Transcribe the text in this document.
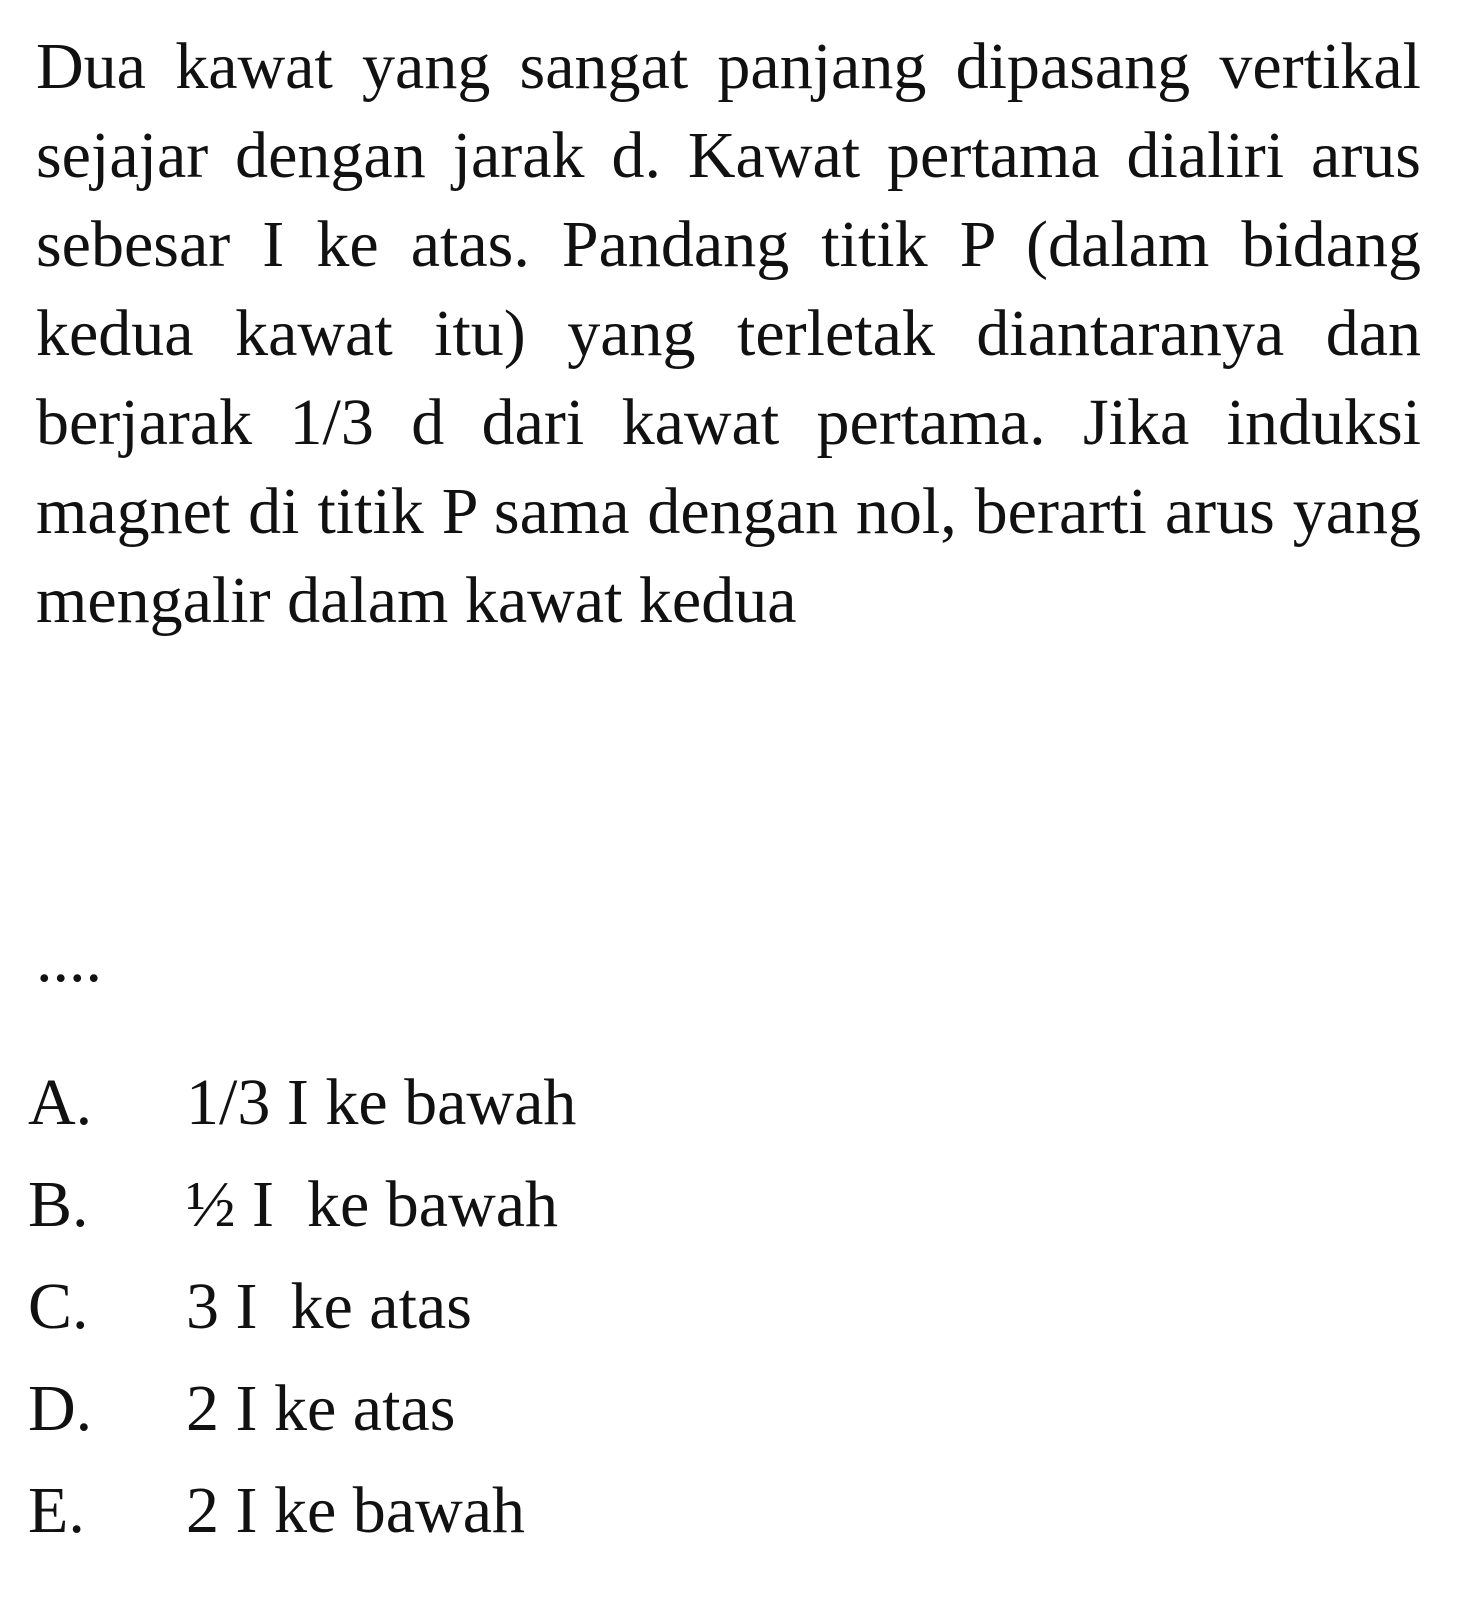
Dua kawat yang sangat panjang dipasang vertikal sejajar dengan jarak d. Kawat pertama dialiri arus sebesar I ke atas. Pandang titik P (dalam bidang kedua kawat itu) yang terletak diantaranya dan berjarak 1/3 d dari kawat pertama. Jika induksi magnet di titik P sama dengan nol, berarti arus yang mengalir dalam kawat kedua

....

A.	1/3 I ke bawah
B.	½ I  ke bawah
C.	3 I  ke atas
D.	2 I ke atas
E.	2 I ke bawah
